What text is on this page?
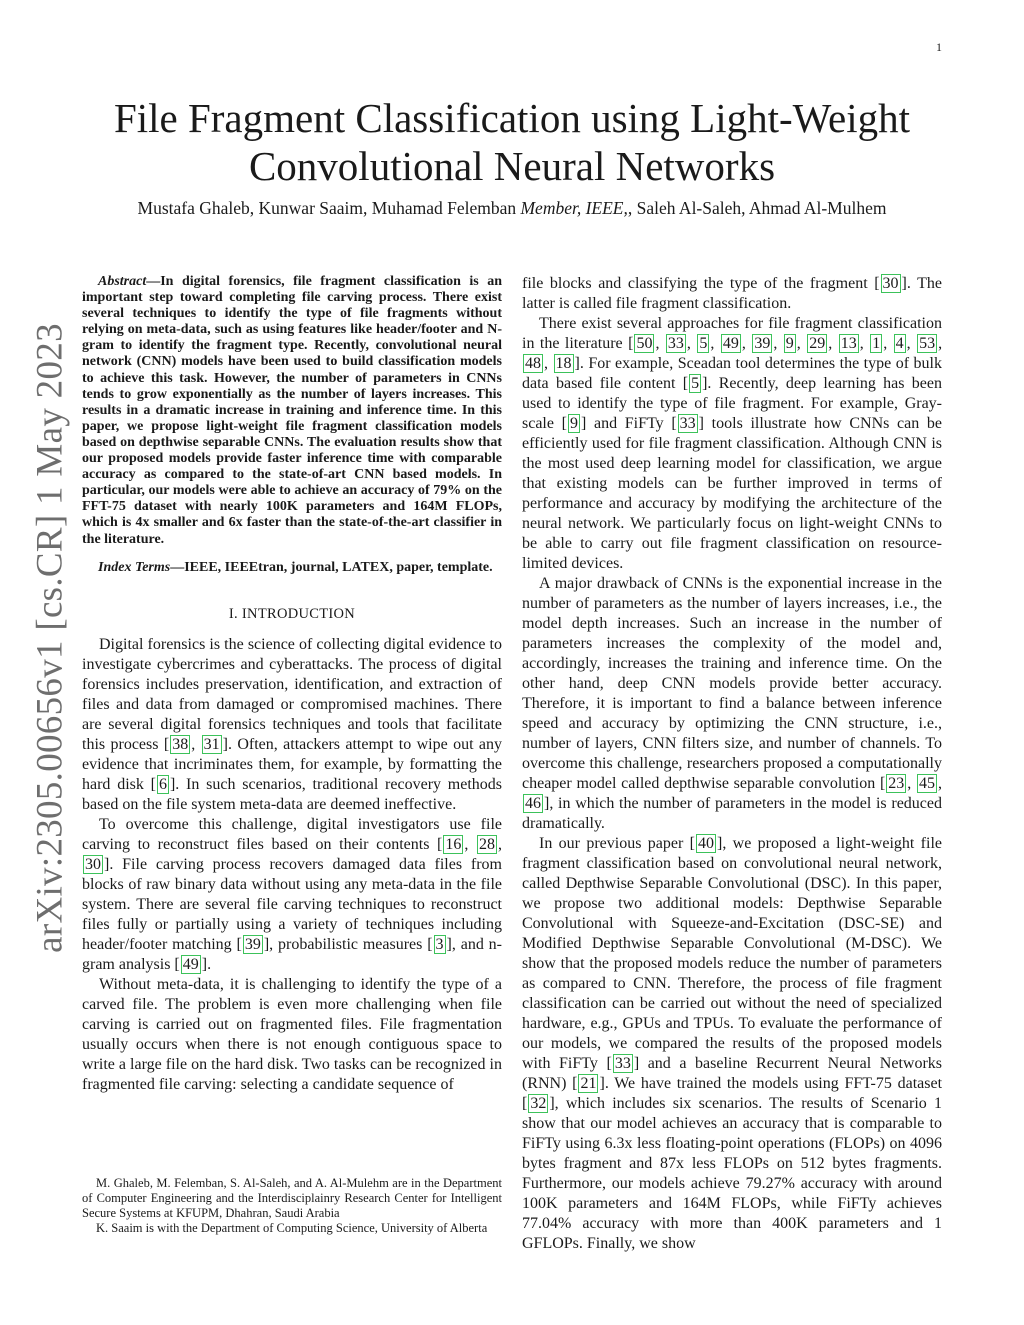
1
arXiv:2305.00656v1 [cs.CR] 1 May 2023
File Fragment Classification using Light-Weight
Convolutional Neural Networks
Mustafa Ghaleb, Kunwar Saaim, Muhamad Felemban Member, IEEE,, Saleh Al-Saleh, Ahmad Al-Mulhem

Abstract—In digital forensics, file fragment classification is an important step toward completing file carving process. There exist several techniques to identify the type of file fragments without relying on meta-data, such as using features like header/footer and N-gram to identify the fragment type. Recently, convolutional neural network (CNN) models have been used to build classification models to achieve this task. However, the number of parameters in CNNs tends to grow exponentially as the number of layers increases. This results in a dramatic increase in training and inference time. In this paper, we propose light-weight file fragment classification models based on depthwise separable CNNs. The evaluation results show that our proposed models provide faster inference time with comparable accuracy as compared to the state-of-art CNN based models. In particular, our models were able to achieve an accuracy of 79% on the FFT-75 dataset with nearly 100K parameters and 164M FLOPs, which is 4x smaller and 6x faster than the state-of-the-art classifier in the literature.

Index Terms—IEEE, IEEEtran, journal, LATEX, paper, template.

I. INTRODUCTION

Digital forensics is the science of collecting digital evidence to investigate cybercrimes and cyberattacks. The process of digital forensics includes preservation, identification, and extraction of files and data from damaged or compromised machines. There are several digital forensics techniques and tools that facilitate this process [ 38 , 31 ]. Often, attackers attempt to wipe out any evidence that incriminates them, for example, by formatting the hard disk [ 6 ]. In such scenarios, traditional recovery methods based on the file system meta-data are deemed ineffective.

To overcome this challenge, digital investigators use file carving to reconstruct files based on their contents [ 16 , 28 , 30 ]. File carving process recovers damaged data files from blocks of raw binary data without using any meta-data in the file system. There are several file carving techniques to reconstruct files fully or partially using a variety of techniques including header/footer matching [ 39 ], probabilistic measures [ 3 ], and n-gram analysis [ 49 ].

Without meta-data, it is challenging to identify the type of a carved file. The problem is even more challenging when file carving is carried out on fragmented files. File fragmentation usually occurs when there is not enough contiguous space to write a large file on the hard disk. Two tasks can be recognized in fragmented file carving: selecting a candidate sequence of

M. Ghaleb, M. Felemban, S. Al-Saleh, and A. Al-Mulehm are in the Department of Computer Engineering and the Interdisciplainry Research Center for Intelligent Secure Systems at KFUPM, Dhahran, Saudi Arabia

K. Saaim is with the Department of Computing Science, University of Alberta

file blocks and classifying the type of the fragment [ 30 ]. The latter is called file fragment classification.

There exist several approaches for file fragment classification in the literature [ 50 , 33 , 5 , 49 , 39 , 9 , 29 , 13 , 1 , 4 , 53 , 48 , 18 ]. For example, Sceadan tool determines the type of bulk data based file content [ 5 ]. Recently, deep learning has been used to identify the type of file fragment. For example, Gray-scale [ 9 ] and FiFTy [ 33 ] tools illustrate how CNNs can be efficiently used for file fragment classification. Although CNN is the most used deep learning model for classification, we argue that existing models can be further improved in terms of performance and accuracy by modifying the architecture of the neural network. We particularly focus on light-weight CNNs to be able to carry out file fragment classification on resource-limited devices.

A major drawback of CNNs is the exponential increase in the number of parameters as the number of layers increases, i.e., the model depth increases. Such an increase in the number of parameters increases the complexity of the model and, accordingly, increases the training and inference time. On the other hand, deep CNN models provide better accuracy. Therefore, it is important to find a balance between inference speed and accuracy by optimizing the CNN structure, i.e., number of layers, CNN filters size, and number of channels. To overcome this challenge, researchers proposed a computationally cheaper model called depthwise separable convolution [ 23 , 45 , 46 ], in which the number of parameters in the model is reduced dramatically.

In our previous paper [ 40 ], we proposed a light-weight file fragment classification based on convolutional neural network, called Depthwise Separable Convolutional (DSC). In this paper, we propose two additional models: Depthwise Separable Convolutional with Squeeze-and-Excitation (DSC-SE) and Modified Depthwise Separable Convolutional (M-DSC). We show that the proposed models reduce the number of parameters as compared to CNN. Therefore, the process of file fragment classification can be carried out without the need of specialized hardware, e.g., GPUs and TPUs. To evaluate the performance of our models, we compared the results of the proposed models with FiFTy [ 33 ] and a baseline Recurrent Neural Networks (RNN) [ 21 ]. We have trained the models using FFT-75 dataset [ 32 ], which includes six scenarios. The results of Scenario 1 show that our model achieves an accuracy that is comparable to FiFTy using 6.3x less floating-point operations (FLOPs) on 4096 bytes fragment and 87x less FLOPs on 512 bytes fragments. Furthermore, our models achieve 79.27% accuracy with around 100K parameters and 164M FLOPs, while FiFTy achieves 77.04% accuracy with more than 400K parameters and 1 GFLOPs. Finally, we show
